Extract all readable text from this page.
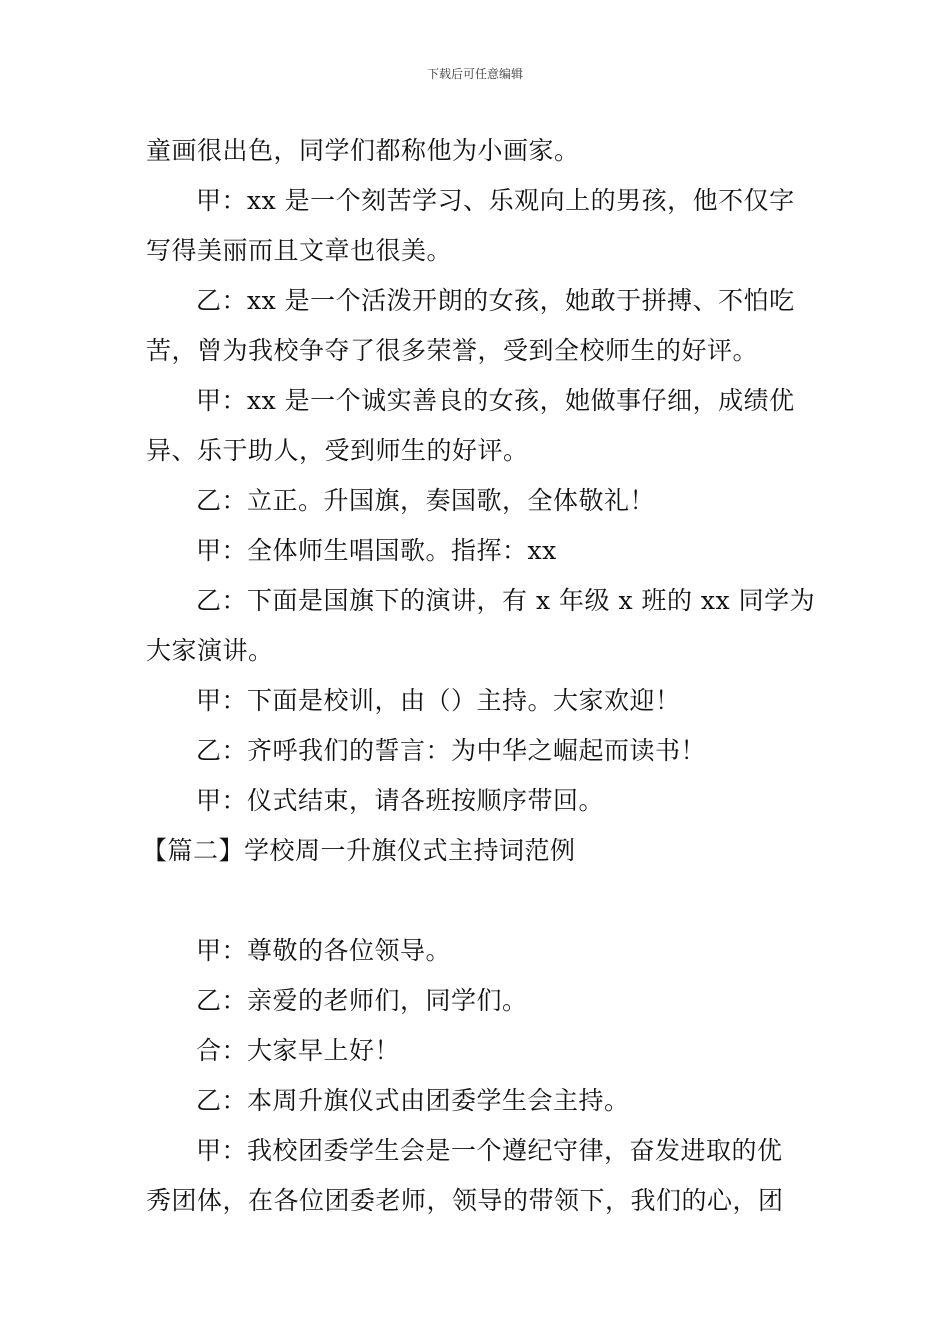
下载后可任意编辑
童画很出色，同学们都称他为小画家。
甲：xx 是一个刻苦学习、乐观向上的男孩，他不仅字
写得美丽而且文章也很美。
乙：xx 是一个活泼开朗的女孩，她敢于拼搏、不怕吃
苦，曾为我校争夺了很多荣誉，受到全校师生的好评。
甲：xx 是一个诚实善良的女孩，她做事仔细，成绩优
异、乐于助人，受到师生的好评。
乙：立正。升国旗，奏国歌，全体敬礼！
甲：全体师生唱国歌。指挥：xx
乙：下面是国旗下的演讲，有 x 年级 x 班的 xx 同学为
大家演讲。
甲：下面是校训，由（）主持。大家欢迎！
乙：齐呼我们的誓言：为中华之崛起而读书！
甲：仪式结束，请各班按顺序带回。
【篇二】学校周一升旗仪式主持词范例
甲：尊敬的各位领导。
乙：亲爱的老师们，同学们。
合：大家早上好！
乙：本周升旗仪式由团委学生会主持。
甲：我校团委学生会是一个遵纪守律，奋发进取的优
秀团体，在各位团委老师，领导的带领下，我们的心，团
